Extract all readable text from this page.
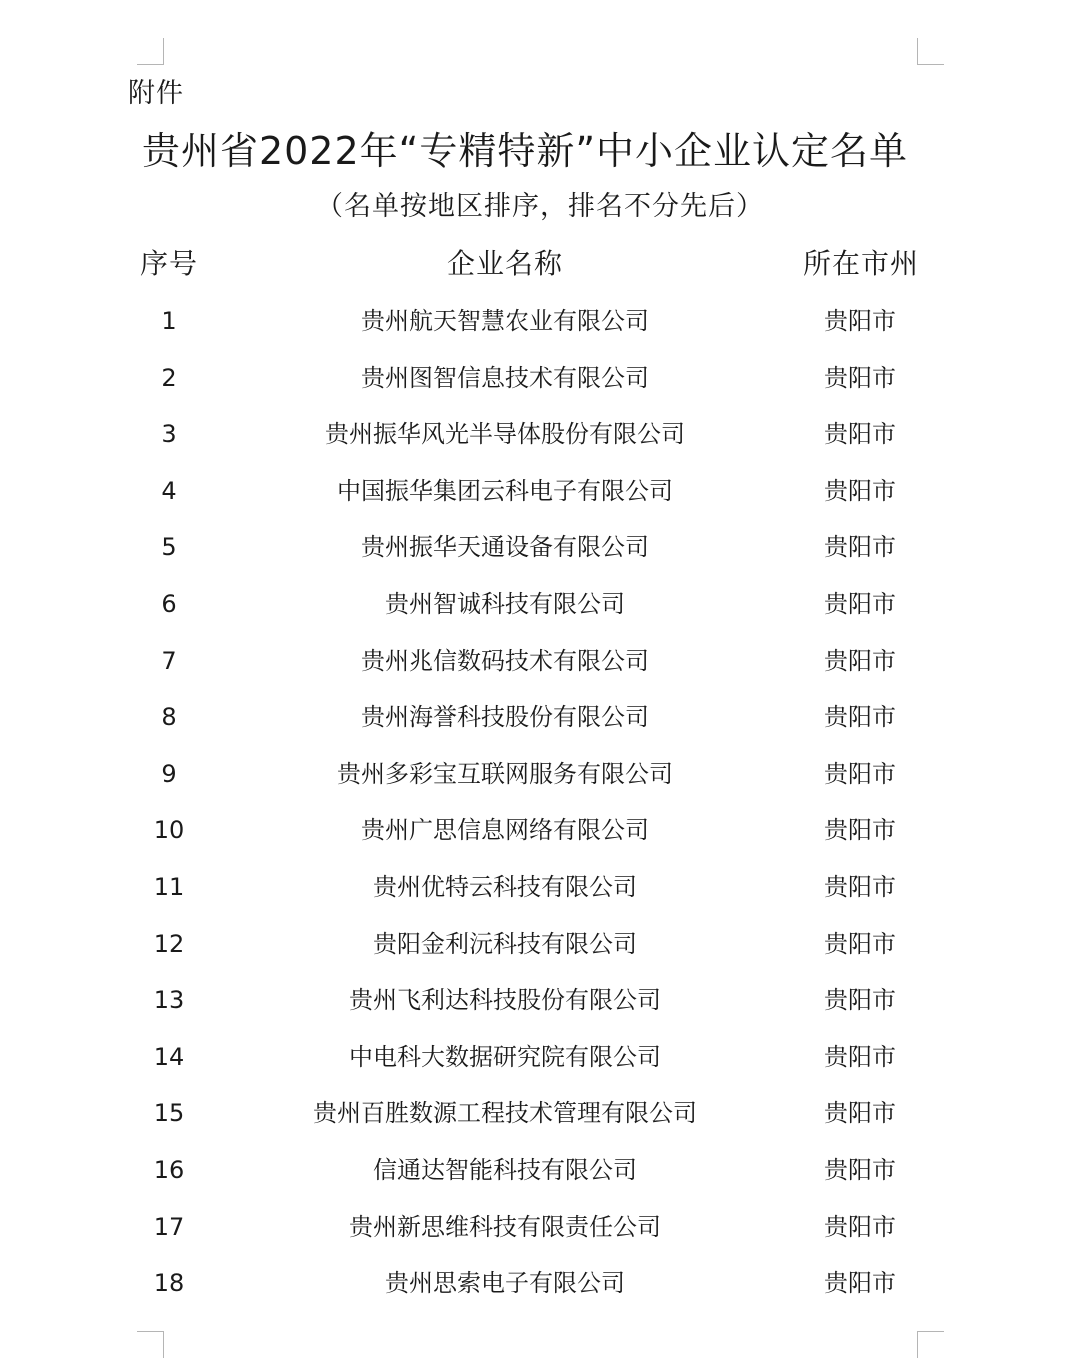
附件
贵州省2022年“专精特新”中小企业认定名单
（名单按地区排序，排名不分先后）
序号	企业名称	所在市州
1	贵州航天智慧农业有限公司	贵阳市
2	贵州图智信息技术有限公司	贵阳市
3	贵州振华风光半导体股份有限公司	贵阳市
4	中国振华集团云科电子有限公司	贵阳市
5	贵州振华天通设备有限公司	贵阳市
6	贵州智诚科技有限公司	贵阳市
7	贵州兆信数码技术有限公司	贵阳市
8	贵州海誉科技股份有限公司	贵阳市
9	贵州多彩宝互联网服务有限公司	贵阳市
10	贵州广思信息网络有限公司	贵阳市
11	贵州优特云科技有限公司	贵阳市
12	贵阳金利沅科技有限公司	贵阳市
13	贵州飞利达科技股份有限公司	贵阳市
14	中电科大数据研究院有限公司	贵阳市
15	贵州百胜数源工程技术管理有限公司	贵阳市
16	信通达智能科技有限公司	贵阳市
17	贵州新思维科技有限责任公司	贵阳市
18	贵州思索电子有限公司	贵阳市
